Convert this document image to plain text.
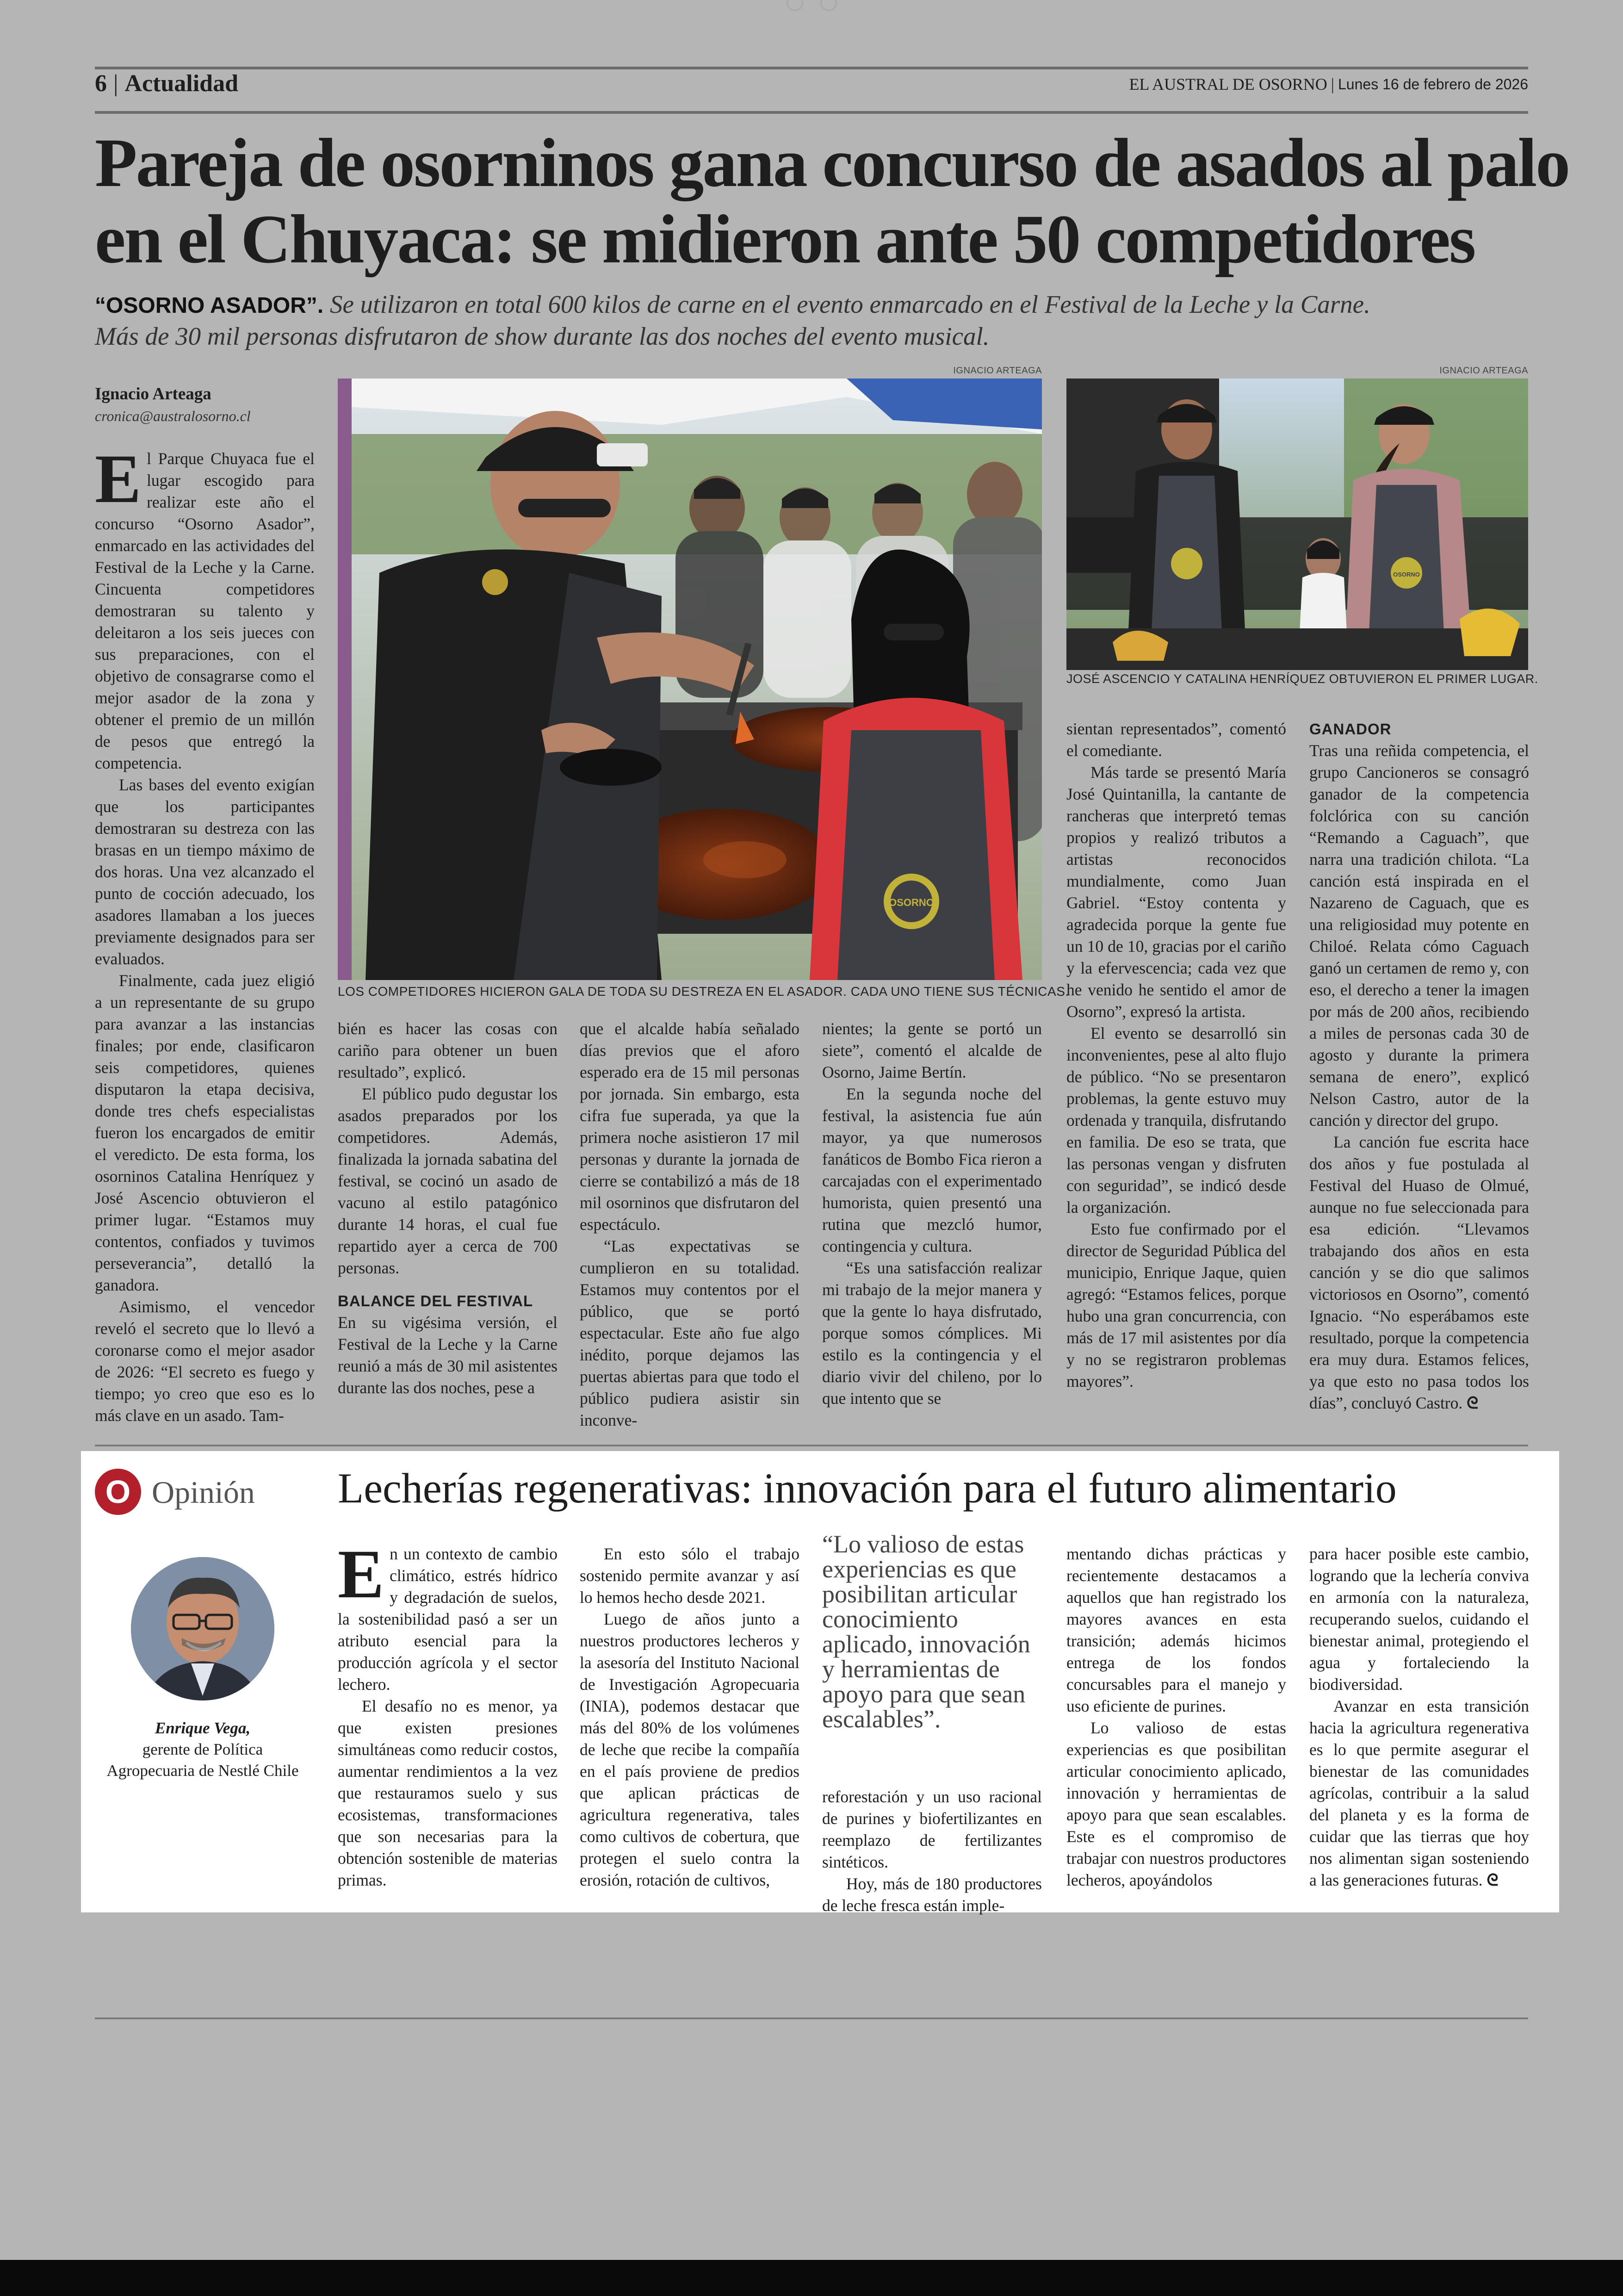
6 | Actualidad	EL AUSTRAL DE OSORNO | Lunes 16 de febrero de 2026
Pareja de osorninos gana concurso de asados al palo
en el Chuyaca: se midieron ante 50 competidores
“OSORNO ASADOR”. Se utilizaron en total 600 kilos de carne en el evento enmarcado en el Festival de la Leche y la Carne.
Más de 30 mil personas disfrutaron de show durante las dos noches del evento musical.
Ignacio Arteaga
cronica@australosorno.cl
IGNACIO ARTEAGA
OSORNO
LOS COMPETIDORES HICIERON GALA DE TODA SU DESTREZA EN EL ASADOR. CADA UNO TIENE SUS TÉCNICAS.
IGNACIO ARTEAGA
OSORNO
JOSÉ ASCENCIO Y CATALINA HENRÍQUEZ OBTUVIERON EL PRIMER LUGAR.

El Parque Chuyaca fue el lugar escogido para realizar este año el concurso “Osorno Asador”, enmarcado en las actividades del Festival de la Leche y la Carne. Cincuenta competidores demostraran su talento y deleitaron a los seis jueces con sus preparaciones, con el objetivo de consagrarse como el mejor asador de la zona y obtener el premio de un millón de pesos que entregó la competencia.

Las bases del evento exigían que los participantes demostraran su destreza con las brasas en un tiempo máximo de dos horas. Una vez alcanzado el punto de cocción adecuado, los asadores llamaban a los jueces previamente designados para ser evaluados.

Finalmente, cada juez eligió a un representante de su grupo para avanzar a las instancias finales; por ende, clasificaron seis competidores, quienes disputaron la etapa decisiva, donde tres chefs especialistas fueron los encargados de emitir el veredicto. De esta forma, los osorninos Catalina Henríquez y José Ascencio obtuvieron el primer lugar. “Estamos muy contentos, confiados y tuvimos perseverancia”, detalló la ganadora.

Asimismo, el vencedor reveló el secreto que lo llevó a coronarse como el mejor asador de 2026: “El secreto es fuego y tiempo; yo creo que eso es lo más clave en un asado. Tam-

bién es hacer las cosas con cariño para obtener un buen resultado”, explicó.

El público pudo degustar los asados preparados por los competidores. Además, finalizada la jornada sabatina del festival, se cocinó un asado de vacuno al estilo patagónico durante 14 horas, el cual fue repartido ayer a cerca de 700 personas.

BALANCE DEL FESTIVAL

En su vigésima versión, el Festival de la Leche y la Carne reunió a más de 30 mil asistentes durante las dos noches, pese a

que el alcalde había señalado días previos que el aforo esperado era de 15 mil personas por jornada. Sin embargo, esta cifra fue superada, ya que la primera noche asistieron 17 mil personas y durante la jornada de cierre se contabilizó a más de 18 mil osorninos que disfrutaron del espectáculo.

“Las expectativas se cumplieron en su totalidad. Estamos muy contentos por el público, que se portó espectacular. Este año fue algo inédito, porque dejamos las puertas abiertas para que todo el público pudiera asistir sin inconve-

nientes; la gente se portó un siete”, comentó el alcalde de Osorno, Jaime Bertín.

En la segunda noche del festival, la asistencia fue aún mayor, ya que numerosos fanáticos de Bombo Fica rieron a carcajadas con el experimentado humorista, quien presentó una rutina que mezcló humor, contingencia y cultura.

“Es una satisfacción realizar mi trabajo de la mejor manera y que la gente lo haya disfrutado, porque somos cómplices. Mi estilo es la contingencia y el diario vivir del chileno, por lo que intento que se

sientan representados”, comentó el comediante.

Más tarde se presentó María José Quintanilla, la cantante de rancheras que interpretó temas propios y realizó tributos a artistas reconocidos mundialmente, como Juan Gabriel. “Estoy contenta y agradecida porque la gente fue un 10 de 10, gracias por el cariño y la efervescencia; cada vez que he venido he sentido el amor de Osorno”, expresó la artista.

El evento se desarrolló sin inconvenientes, pese al alto flujo de público. “No se presentaron problemas, la gente estuvo muy ordenada y tranquila, disfrutando en familia. De eso se trata, que las personas vengan y disfruten con seguridad”, se indicó desde la organización.

Esto fue confirmado por el director de Seguridad Pública del municipio, Enrique Jaque, quien agregó: “Estamos felices, porque hubo una gran concurrencia, con más de 17 mil asistentes por día y no se registraron problemas mayores”.

GANADOR

Tras una reñida competencia, el grupo Cancioneros se consagró ganador de la competencia folclórica con su canción “Remando a Caguach”, que narra una tradición chilota. “La canción está inspirada en el Nazareno de Caguach, que es una religiosidad muy potente en Chiloé. Relata cómo Caguach ganó un certamen de remo y, con eso, el derecho a tener la imagen por más de 200 años, recibiendo a miles de personas cada 30 de agosto y durante la primera semana de enero”, explicó Nelson Castro, autor de la canción y director del grupo.

La canción fue escrita hace dos años y fue postulada al Festival del Huaso de Olmué, aunque no fue seleccionada para esa edición. “Llevamos trabajando dos años en esta canción y se dio que salimos victoriosos en Osorno”, comentó Ignacio. “No esperábamos este resultado, porque la competencia era muy dura. Estamos felices, ya que esto no pasa todos los días”, concluyó Castro. ᘓ

O Opinión Lecherías regenerativas: innovación para el futuro alimentario
Enrique Vega,
gerente de Política
Agropecuaria de Nestlé Chile

En un contexto de cambio climático, estrés hídrico y degradación de suelos, la sostenibilidad pasó a ser un atributo esencial para la producción agrícola y el sector lechero.

El desafío no es menor, ya que existen presiones simultáneas como reducir costos, aumentar rendimientos a la vez que restauramos suelo y sus ecosistemas, transformaciones que son necesarias para la obtención sostenible de materias primas.

En esto sólo el trabajo sostenido permite avanzar y así lo hemos hecho desde 2021.

Luego de años junto a nuestros productores lecheros y la asesoría del Instituto Nacional de Investigación Agropecuaria (INIA), podemos destacar que más del 80% de los volúmenes de leche que recibe la compañía en el país proviene de predios que aplican prácticas de agricultura regenerativa, tales como cultivos de cobertura, que protegen el suelo contra la erosión, rotación de cultivos,

“Lo valioso de estas experiencias es que posibilitan articular conocimiento aplicado, innovación y herramientas de apoyo para que sean escalables”.

reforestación y un uso racional de purines y biofertilizantes en reemplazo de fertilizantes sintéticos.

Hoy, más de 180 productores de leche fresca están imple-

mentando dichas prácticas y recientemente destacamos a aquellos que han registrado los mayores avances en esta transición; además hicimos entrega de los fondos concursables para el manejo y uso eficiente de purines.

Lo valioso de estas experiencias es que posibilitan articular conocimiento aplicado, innovación y herramientas de apoyo para que sean escalables. Este es el compromiso de trabajar con nuestros productores lecheros, apoyándolos

para hacer posible este cambio, logrando que la lechería conviva en armonía con la naturaleza, recuperando suelos, cuidando el bienestar animal, protegiendo el agua y fortaleciendo la biodiversidad.

Avanzar en esta transición hacia la agricultura regenerativa es lo que permite asegurar el bienestar de las comunidades agrícolas, contribuir a la salud del planeta y es la forma de cuidar que las tierras que hoy nos alimentan sigan sosteniendo a las generaciones futuras. ᘓ
